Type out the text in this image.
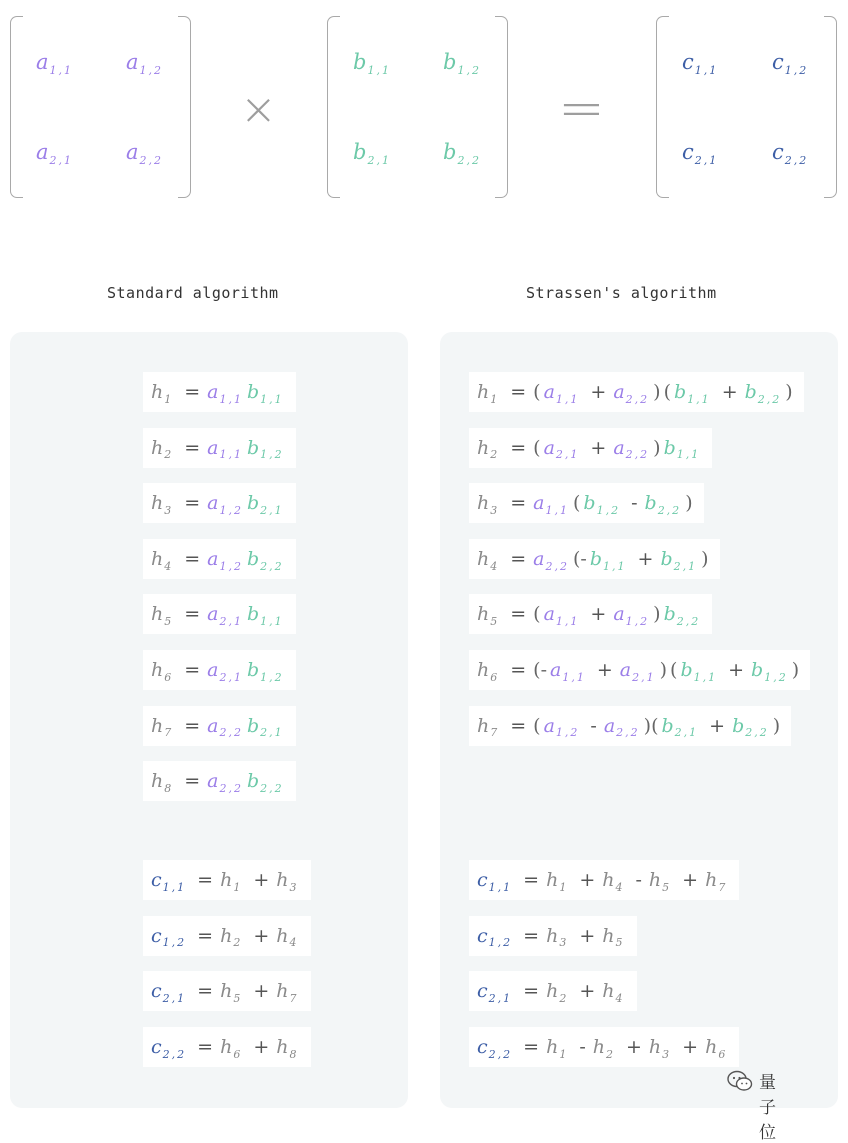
$a_{1,1}$	$a_{1,2}$
$a_{2,1}$	$a_{2,2}$
×
$b_{1,1}$ $b_{1,2}$
$b_{2,1}$ $b_{2,2}$
=
$c_{1,1}$	$c_{1,2}$
$c_{2,1}$	$c_{2,2}$
Standard algorithm	Strassen's algorithm
量子位
$h_1 = a_{1,1}$ $b_{1,1}$
$h_2 = a_{1,1}$ $b_{1,2}$
$h_3 = a_{1,2}$ $b_{2,1}$
$h_4 = a_{1,2}$ $b_{2,2}$
$h_5 = a_{2,1}$ $b_{1,1}$
$h_6 = a_{2,1}$ $b_{1,2}$
$h_7 = a_{2,2}$ $b_{2,1}$
$h_8 = a_{2,2}$ $b_{2,2}$
$c_{1,1} = h_1 + h_3$
$c_{1,2} = h_2 + h_4$
$c_{2,1} = h_5 + h_7$
$c_{2,2} = h_6 + h_8$
$h_1$ = ( $a_{1,1} + a_{2,2}$ ) ( $b_{1,1} + b_{2,2}$ )
$h_2$ = ( $a_{2,1} + a_{2,2}$ ) $b_{1,1}$
$h_3 = a_{1,1}$ ( $b_{1,2} - b_{2,2}$ )
$h_4 = a_{2,2}$ (- $b_{1,1} + b_{2,1}$ )
$h_5$ = ( $a_{1,1} + a_{1,2}$ ) $b_{2,2}$
$h_6$ = (- $a_{1,1} + a_{2,1}$ ) ( $b_{1,1} + b_{1,2}$ )
$h_7$ = ( $a_{1,2} - a_{2,2}$ )( $b_{2,1} + b_{2,2}$ )
$c_{1,1} = h_1 + h_4 - h_5 + h_7$
$c_{1,2} = h_3 + h_5$
$c_{2,1} = h_2 + h_4$
$c_{2,2} = h_1 - h_2 + h_3 + h_6$
